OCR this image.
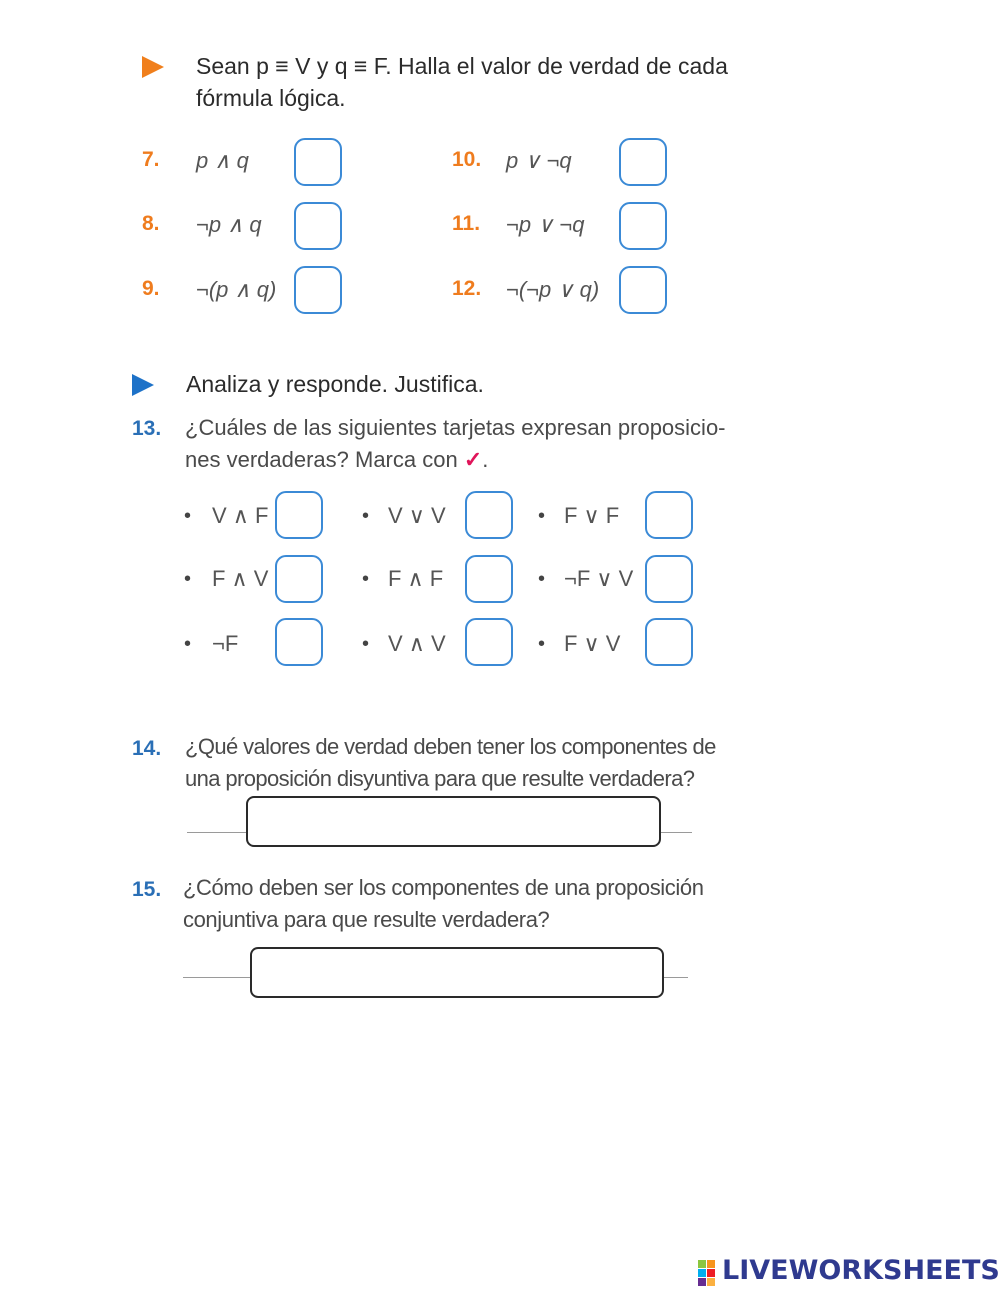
Sean p ≡ V y q ≡ F. Halla el valor de verdad de cada
fórmula lógica.
7. p ∧ q
8. ¬p ∧ q
9. ¬(p ∧ q)
10. p ∨ ¬q
11. ¬p ∨ ¬q
12. ¬(¬p ∨ q)
Analiza y responde. Justifica.
13. ¿Cuáles de las siguientes tarjetas expresan proposicio-
nes verdaderas? Marca con ✓.
• V ∧ F	• V ∨ V	• F ∨ F
• F ∧ V	• F ∧ F	• ¬F ∨ V
• ¬F	• V ∧ V	• F ∨ V
14. ¿Qué valores de verdad deben tener los componentes de
una proposición disyuntiva para que resulte verdadera?
15. ¿Cómo deben ser los componentes de una proposición
conjuntiva para que resulte verdadera?
LIVEWORKSHEETS
